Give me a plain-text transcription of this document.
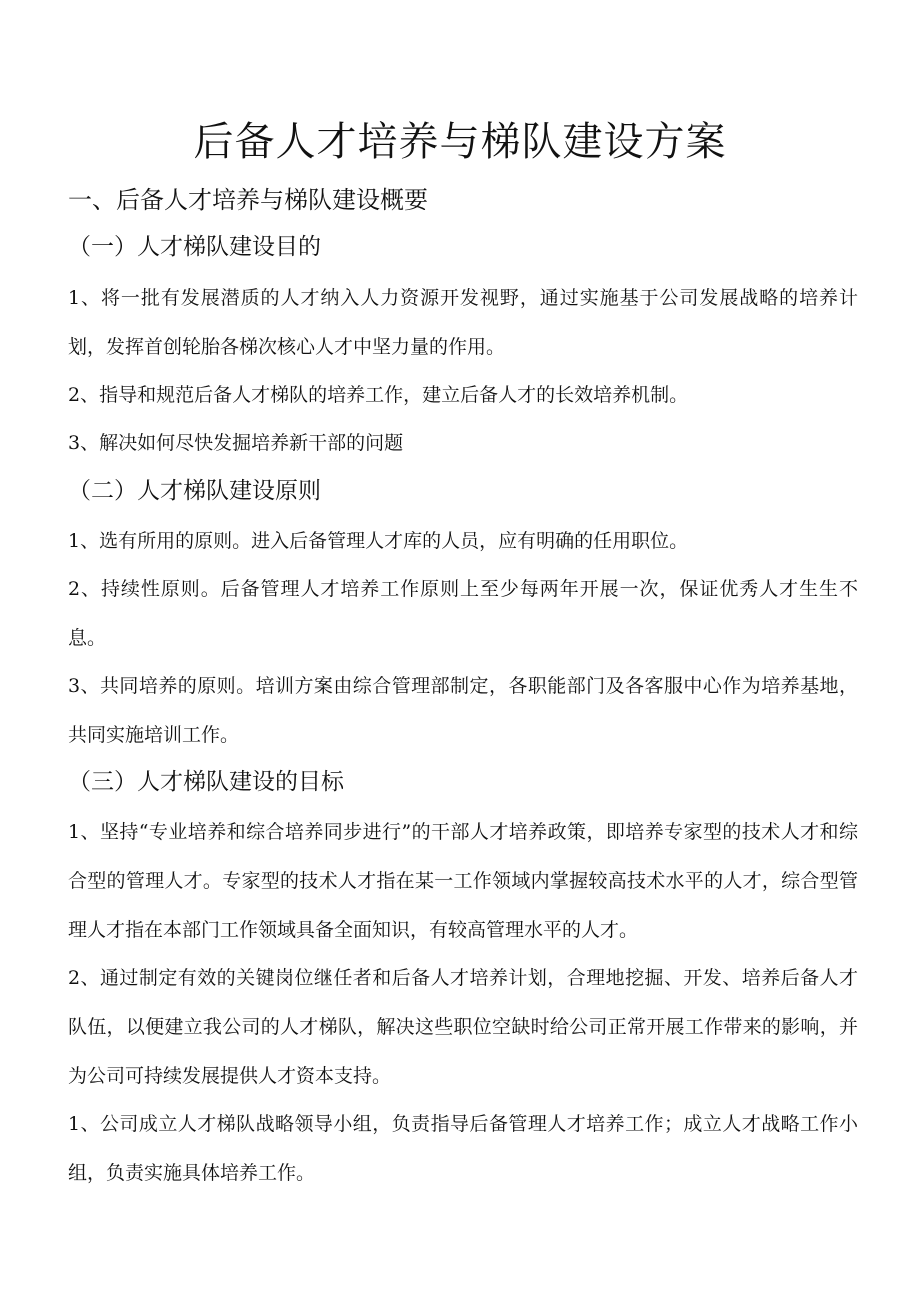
后备人才培养与梯队建设方案
一、后备人才培养与梯队建设概要
（一）人才梯队建设目的

1、将一批有发展潜质的人才纳入人力资源开发视野，通过实施基于公司发展战略的培养计划，发挥首创轮胎各梯次核心人才中坚力量的作用。

2、指导和规范后备人才梯队的培养工作，建立后备人才的长效培养机制。

3、解决如何尽快发掘培养新干部的问题

（二）人才梯队建设原则

1、选有所用的原则。进入后备管理人才库的人员，应有明确的任用职位。

2、持续性原则。后备管理人才培养工作原则上至少每两年开展一次，保证优秀人才生生不息。

3、共同培养的原则。培训方案由综合管理部制定，各职能部门及各客服中心作为培养基地，共同实施培训工作。

（三）人才梯队建设的目标

1、坚持“专业培养和综合培养同步进行”的干部人才培养政策，即培养专家型的技术人才和综合型的管理人才。专家型的技术人才指在某一工作领域内掌握较高技术水平的人才，综合型管理人才指在本部门工作领域具备全面知识，有较高管理水平的人才。

2、通过制定有效的关键岗位继任者和后备人才培养计划，合理地挖掘、开发、培养后备人才队伍，以便建立我公司的人才梯队，解决这些职位空缺时给公司正常开展工作带来的影响，并为公司可持续发展提供人才资本支持。

1、公司成立人才梯队战略领导小组，负责指导后备管理人才培养工作；成立人才战略工作小组，负责实施具体培养工作。
